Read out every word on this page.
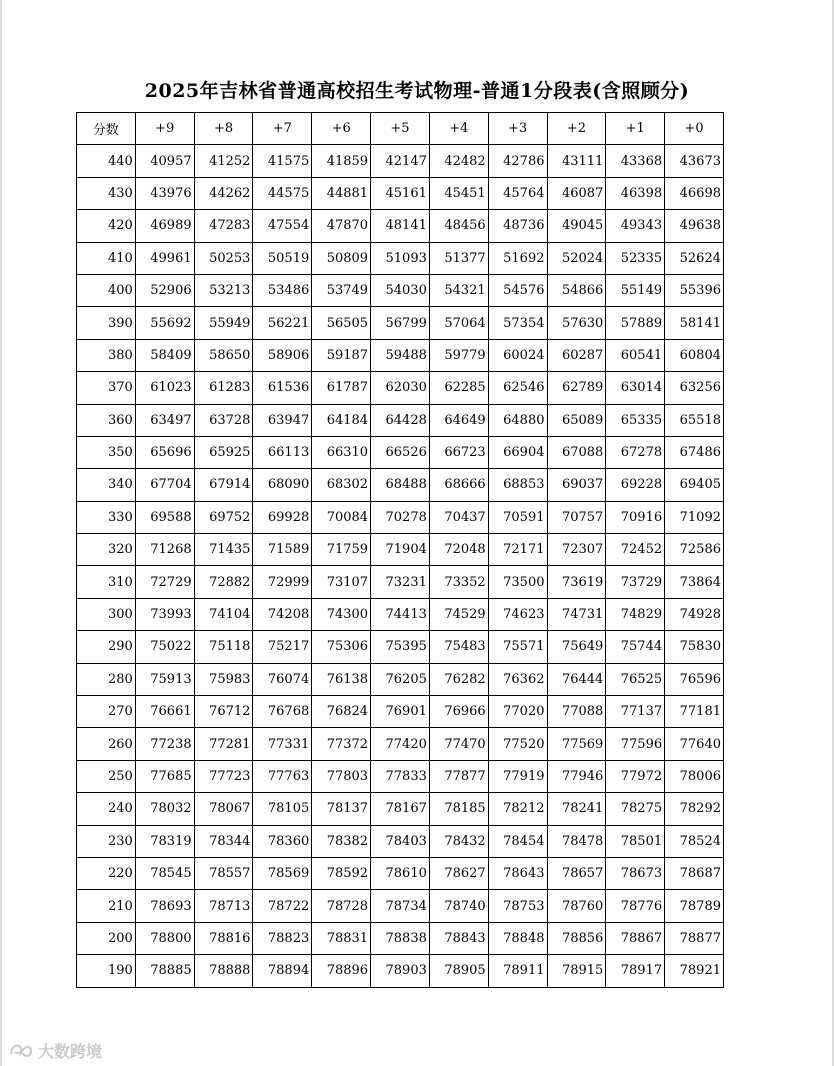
2025年吉林省普通高校招生考试物理-普通1分段表(含照顾分)
分数	+9	+8	+7	+6	+5	+4	+3	+2	+1	+0
440	40957	41252	41575	41859	42147	42482	42786	43111	43368	43673
430	43976	44262	44575	44881	45161	45451	45764	46087	46398	46698
420	46989	47283	47554	47870	48141	48456	48736	49045	49343	49638
410	49961	50253	50519	50809	51093	51377	51692	52024	52335	52624
400	52906	53213	53486	53749	54030	54321	54576	54866	55149	55396
390	55692	55949	56221	56505	56799	57064	57354	57630	57889	58141
380	58409	58650	58906	59187	59488	59779	60024	60287	60541	60804
370	61023	61283	61536	61787	62030	62285	62546	62789	63014	63256
360	63497	63728	63947	64184	64428	64649	64880	65089	65335	65518
350	65696	65925	66113	66310	66526	66723	66904	67088	67278	67486
340	67704	67914	68090	68302	68488	68666	68853	69037	69228	69405
330	69588	69752	69928	70084	70278	70437	70591	70757	70916	71092
320	71268	71435	71589	71759	71904	72048	72171	72307	72452	72586
310	72729	72882	72999	73107	73231	73352	73500	73619	73729	73864
300	73993	74104	74208	74300	74413	74529	74623	74731	74829	74928
290	75022	75118	75217	75306	75395	75483	75571	75649	75744	75830
280	75913	75983	76074	76138	76205	76282	76362	76444	76525	76596
270	76661	76712	76768	76824	76901	76966	77020	77088	77137	77181
260	77238	77281	77331	77372	77420	77470	77520	77569	77596	77640
250	77685	77723	77763	77803	77833	77877	77919	77946	77972	78006
240	78032	78067	78105	78137	78167	78185	78212	78241	78275	78292
230	78319	78344	78360	78382	78403	78432	78454	78478	78501	78524
220	78545	78557	78569	78592	78610	78627	78643	78657	78673	78687
210	78693	78713	78722	78728	78734	78740	78753	78760	78776	78789
200	78800	78816	78823	78831	78838	78843	78848	78856	78867	78877
190	78885	78888	78894	78896	78903	78905	78911	78915	78917	78921
大数跨境
